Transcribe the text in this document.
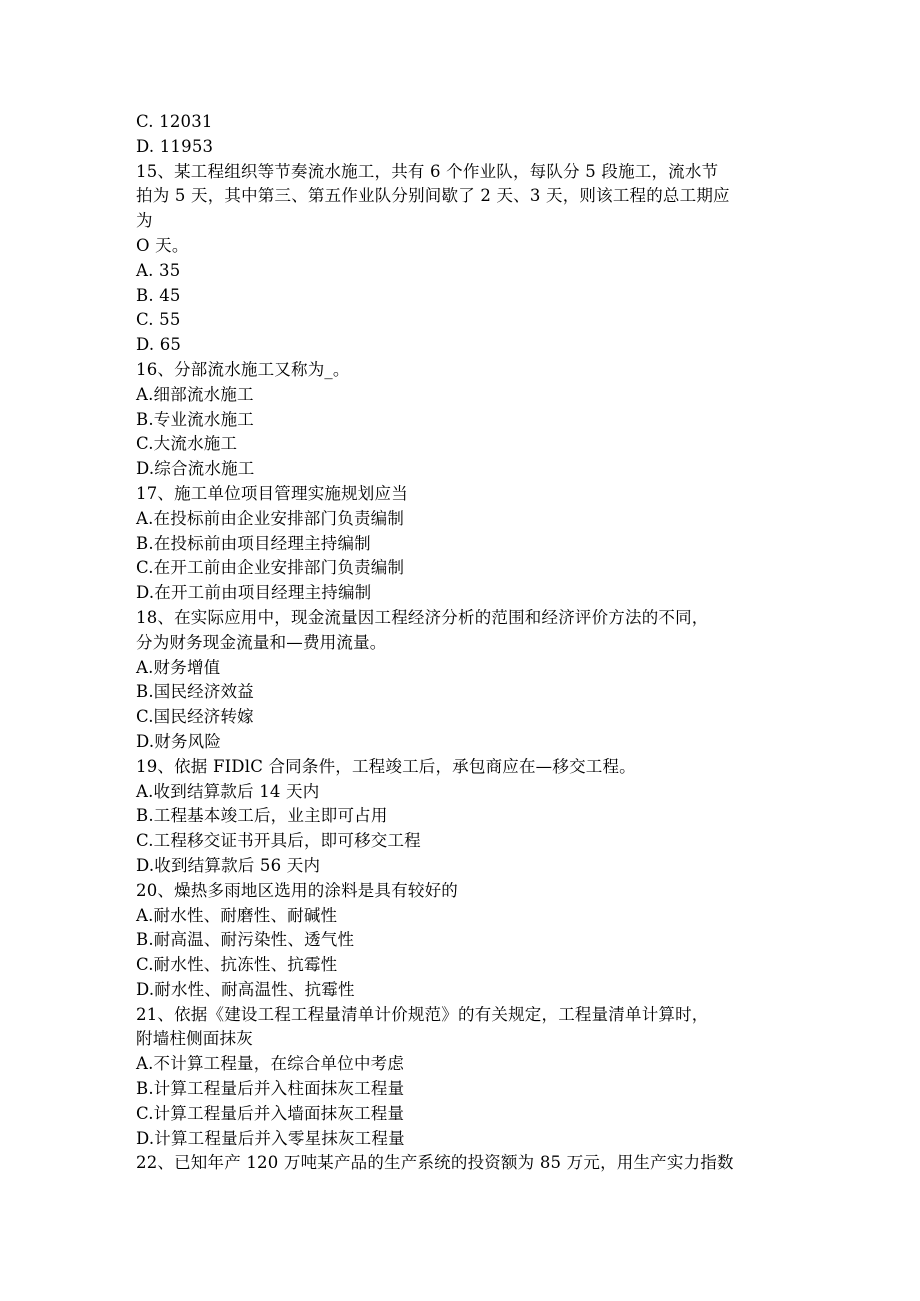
C. 12031
D. 11953
15、某工程组织等节奏流水施工，共有 6 个作业队，每队分 5 段施工，流水节
拍为 5 天，其中第三、第五作业队分别间歇了 2 天、3 天，则该工程的总工期应
为
O 天。
A. 35
B. 45
C. 55
D. 65
16、分部流水施工又称为_。
A.细部流水施工
B.专业流水施工
C.大流水施工
D.综合流水施工
17、施工单位项目管理实施规划应当
A.在投标前由企业安排部门负责编制
B.在投标前由项目经理主持编制
C.在开工前由企业安排部门负责编制
D.在开工前由项目经理主持编制
18、在实际应用中，现金流量因工程经济分析的范围和经济评价方法的不同，
分为财务现金流量和—费用流量。
A.财务增值
B.国民经济效益
C.国民经济转嫁
D.财务风险
19、依据 FIDlC 合同条件，工程竣工后，承包商应在—移交工程。
A.收到结算款后 14 天内
B.工程基本竣工后，业主即可占用
C.工程移交证书开具后，即可移交工程
D.收到结算款后 56 天内
20、燥热多雨地区选用的涂料是具有较好的
A.耐水性、耐磨性、耐碱性
B.耐高温、耐污染性、透气性
C.耐水性、抗冻性、抗霉性
D.耐水性、耐高温性、抗霉性
21、依据《建设工程工程量清单计价规范》的有关规定，工程量清单计算时，
附墙柱侧面抹灰
A.不计算工程量，在综合单位中考虑
B.计算工程量后并入柱面抹灰工程量
C.计算工程量后并入墙面抹灰工程量
D.计算工程量后并入零星抹灰工程量
22、已知年产 120 万吨某产品的生产系统的投资额为 85 万元，用生产实力指数
